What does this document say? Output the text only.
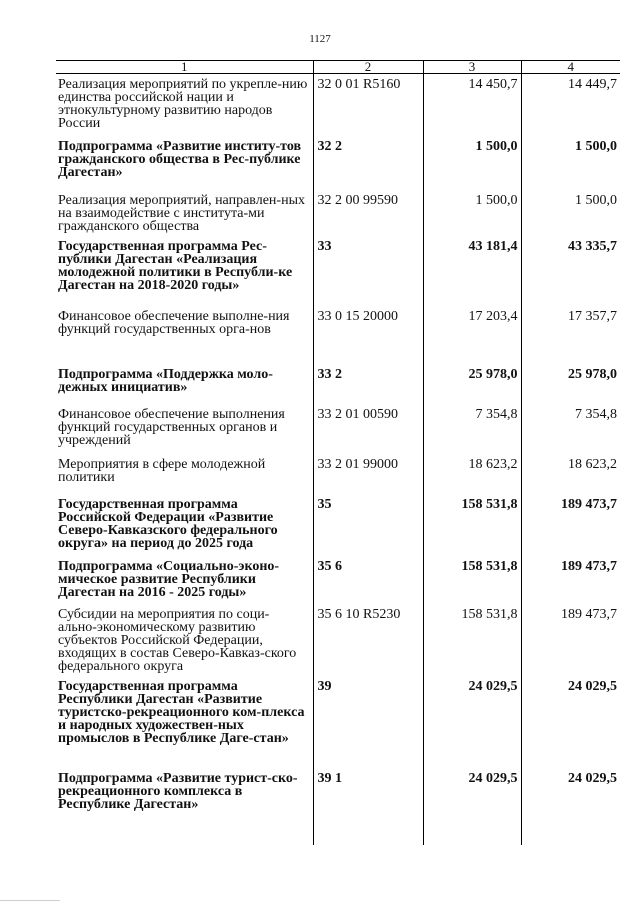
1127
1	2	3	4
Реализация мероприятий по укрепле-нию единства российской нации и этнокультурному развитию народов России	32 0 01 R5160	14 450,7	14 449,7
Подпрограмма «Развитие институ-тов гражданского общества в Рес-публике Дагестан»	32 2	1 500,0	1 500,0
Реализация мероприятий, направлен-ных на взаимодействие с института-ми гражданского общества	32 2 00 99590	1 500,0	1 500,0
Государственная программа Рес-публики Дагестан «Реализация молодежной политики в Республи-ке Дагестан на 2018-2020 годы»	33	43 181,4	43 335,7
Финансовое обеспечение выполне-ния функций государственных орга-нов	33 0 15 20000	17 203,4	17 357,7
Подпрограмма «Поддержка моло-дежных инициатив»	33 2	25 978,0	25 978,0
Финансовое обеспечение выполнения функций государственных органов и учреждений	33 2 01 00590	7 354,8	7 354,8
Мероприятия в сфере молодежной политики	33 2 01 99000	18 623,2	18 623,2
Государственная программа Российской Федерации «Развитие Северо-Кавказского федерального округа» на период до 2025 года	35	158 531,8	189 473,7
Подпрограмма «Социально-эконо-мическое развитие Республики Дагестан на 2016 - 2025 годы»	35 6	158 531,8	189 473,7
Субсидии на мероприятия по соци-ально-экономическому развитию субъектов Российской Федерации, входящих в состав Северо-Кавказ-ского федерального округа	35 6 10 R5230	158 531,8	189 473,7
Государственная программа Республики Дагестан «Развитие туристско-рекреационного ком-плекса и народных художествен-ных промыслов в Республике Даге-стан»	39	24 029,5	24 029,5
Подпрограмма «Развитие турист-ско-рекреационного комплекса в Республике Дагестан»	39 1	24 029,5	24 029,5
